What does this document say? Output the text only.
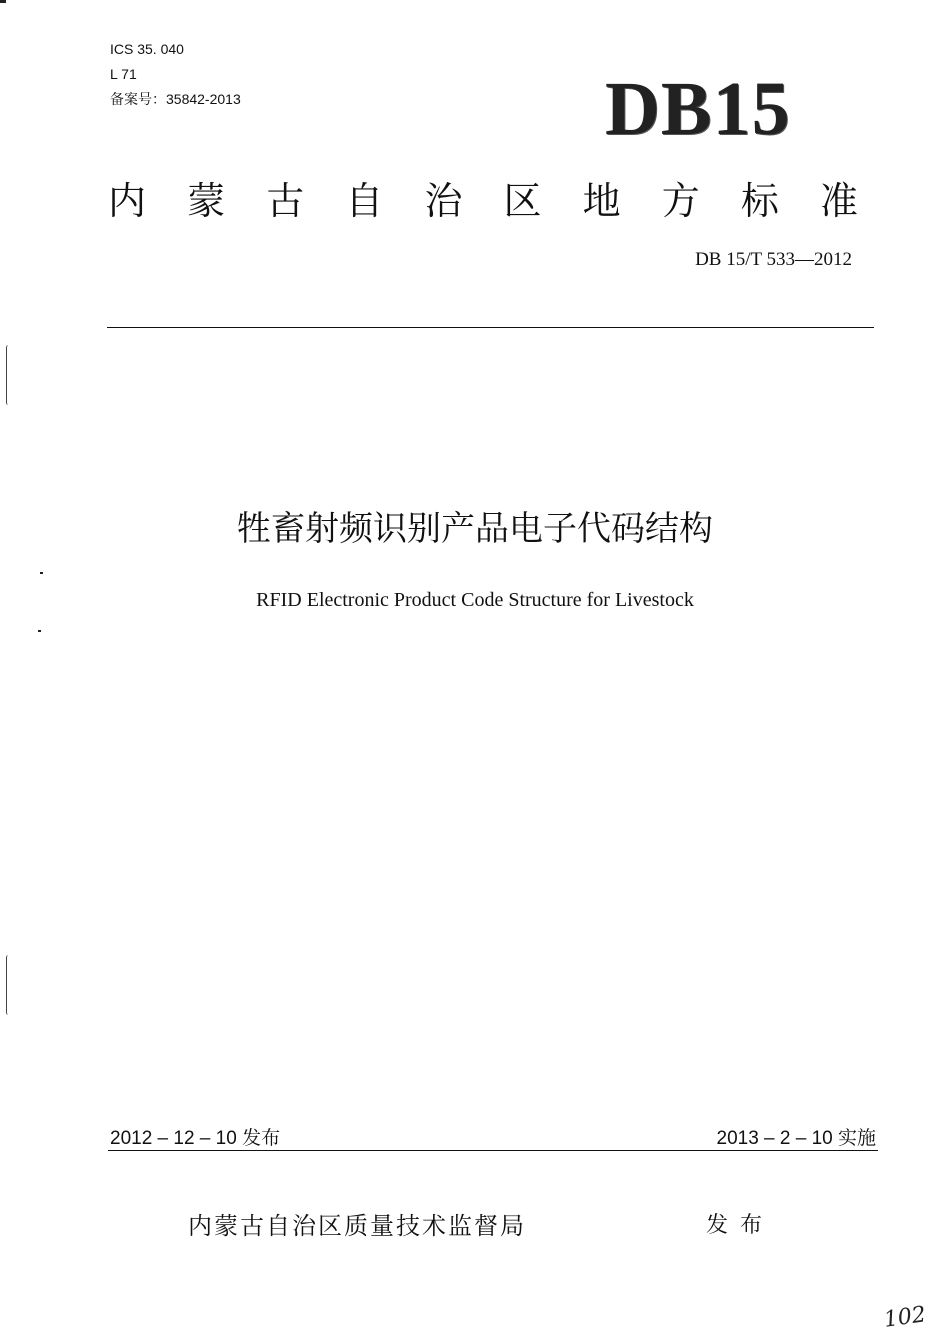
ICS 35. 040
L 71
备案号：35842-2013	DB15
内 蒙 古 自 治 区 地 方 标 准
DB 15/T 533—2012
牲畜射频识别产品电子代码结构
RFID Electronic Product Code Structure for Livestock
2012 – 12 – 10 发布	2013 – 2 – 10 实施
内蒙古自治区质量技术监督局	发布
102
